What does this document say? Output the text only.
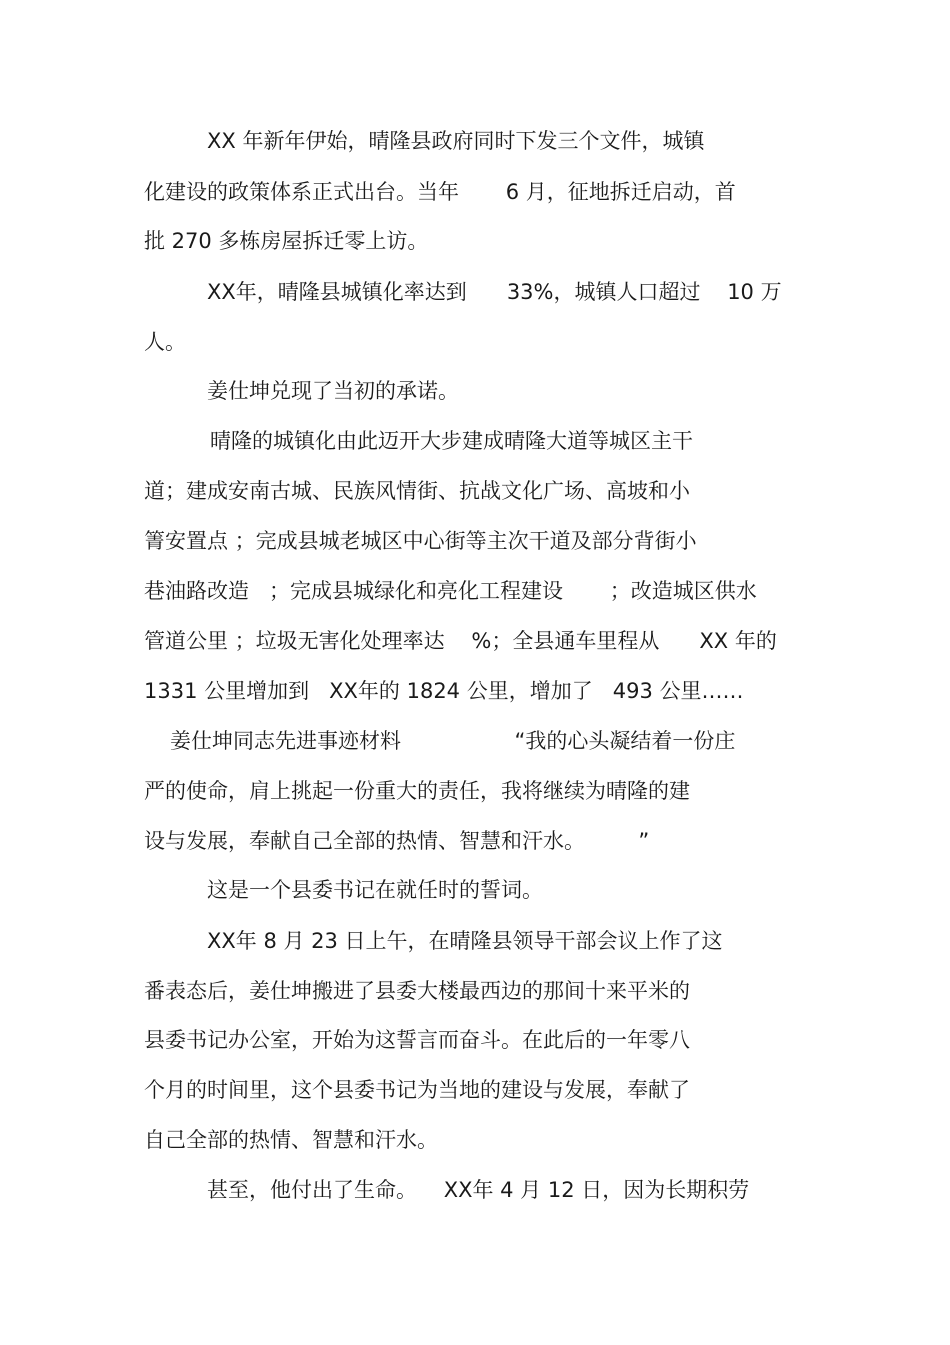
XX 年新年伊始，晴隆县政府同时下发三个文件，城镇
化建设的政策体系正式出台。当年       6 月，征地拆迁启动，首
批 270 多栋房屋拆迁零上访。
XX年，晴隆县城镇化率达到      33%，城镇人口超过    10 万
人。
姜仕坤兑现了当初的承诺。
晴隆的城镇化由此迈开大步建成晴隆大道等城区主干
道；建成安南古城、民族风情街、抗战文化广场、高坡和小
箐安置点 ；完成县城老城区中心街等主次干道及部分背街小
巷油路改造   ；完成县城绿化和亮化工程建设       ；改造城区供水
管道公里 ；垃圾无害化处理率达    %；全县通车里程从      XX 年的
1331 公里增加到   XX年的 1824 公里，增加了   493 公里……
姜仕坤同志先进事迹材料                 “我的心头凝结着一份庄
严的使命，肩上挑起一份重大的责任，我将继续为晴隆的建
设与发展，奉献自己全部的热情、智慧和汗水。        ”
这是一个县委书记在就任时的誓词。
XX年 8 月 23 日上午，在晴隆县领导干部会议上作了这
番表态后，姜仕坤搬进了县委大楼最西边的那间十来平米的
县委书记办公室，开始为这誓言而奋斗。在此后的一年零八
个月的时间里，这个县委书记为当地的建设与发展，奉献了
自己全部的热情、智慧和汗水。
甚至，他付出了生命。    XX年 4 月 12 日，因为长期积劳
